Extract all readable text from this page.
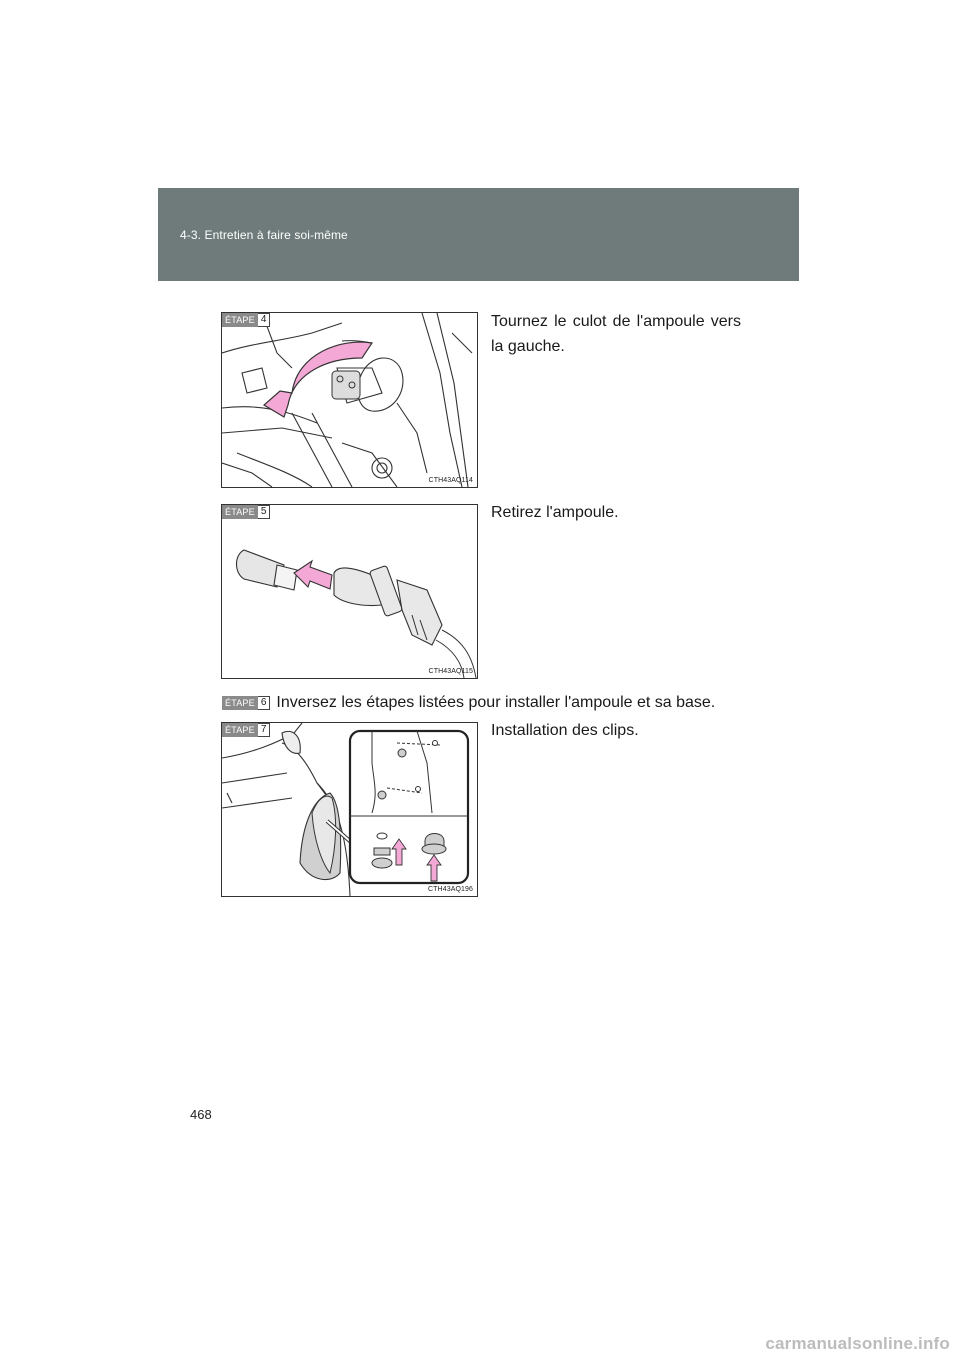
4-3. Entretien à faire soi-même
ÉTAPE 4
CTH43AQ114
Tournez le culot de l'ampoule vers la gauche.
ÉTAPE 5
CTH43AQ115
Retirez l'ampoule.
ÉTAPE 6 Inversez les étapes listées pour installer l'ampoule et sa base.
ÉTAPE 7
CTH43AQ196
Installation des clips.
468
carmanualsonline.info
